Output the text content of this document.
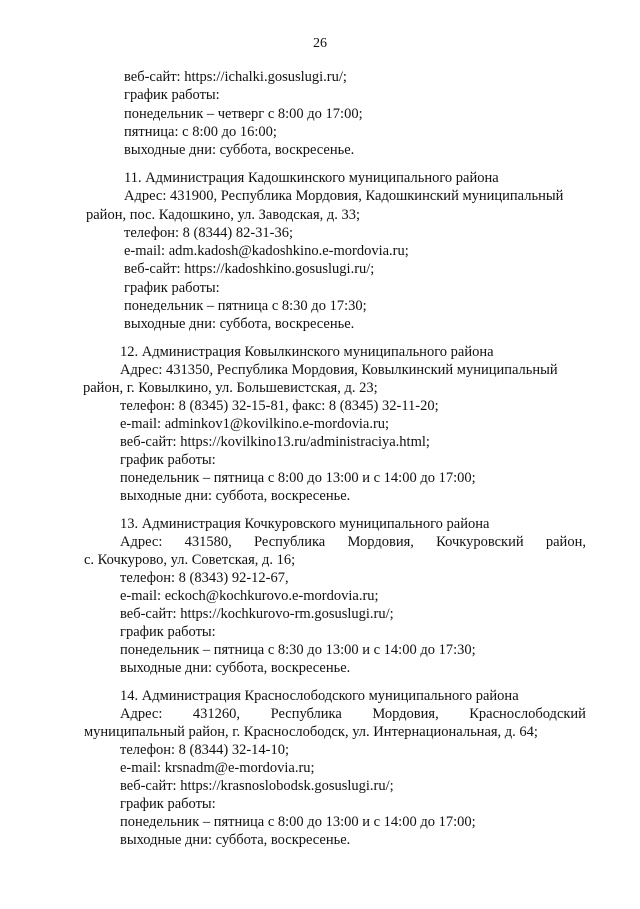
26
веб-сайт: https://ichalki.gosuslugi.ru/;
график работы:
понедельник – четверг с 8:00 до 17:00;
пятница: с 8:00 до 16:00;
выходные дни: суббота, воскресенье.
11. Администрация Кадошкинского муниципального района
Адрес: 431900, Республика Мордовия, Кадошкинский муниципальный
район, пос. Кадошкино, ул. Заводская, д. 33;
телефон: 8 (8344) 82-31-36;
e-mail: adm.kadosh@kadoshkino.e-mordovia.ru;
веб-сайт: https://kadoshkino.gosuslugi.ru/;
график работы:
понедельник – пятница с 8:30 до 17:30;
выходные дни: суббота, воскресенье.
12. Администрация Ковылкинского муниципального района
Адрес: 431350, Республика Мордовия, Ковылкинский муниципальный
район, г. Ковылкино, ул. Большевистская, д. 23;
телефон: 8 (8345) 32-15-81, факс: 8 (8345) 32-11-20;
e-mail: adminkov1@kovilkino.e-mordovia.ru;
веб-сайт: https://kovilkino13.ru/administraciya.html;
график работы:
понедельник – пятница с 8:00 до 13:00 и с 14:00 до 17:00;
выходные дни: суббота, воскресенье.
13. Администрация Кочкуровского муниципального района
Адрес: 431580, Республика Мордовия, Кочкуровский район,
с. Кочкурово, ул. Советская, д. 16;
телефон: 8 (8343) 92-12-67,
e-mail: eckoch@kochkurovo.e-mordovia.ru;
веб-сайт: https://kochkurovo-rm.gosuslugi.ru/;
график работы:
понедельник – пятница с 8:30 до 13:00 и с 14:00 до 17:30;
выходные дни: суббота, воскресенье.
14. Администрация Краснослободского муниципального района
Адрес: 431260, Республика Мордовия, Краснослободский
муниципальный район, г. Краснослободск, ул. Интернациональная, д. 64;
телефон: 8 (8344) 32-14-10;
e-mail: krsnadm@e-mordovia.ru;
веб-сайт: https://krasnoslobodsk.gosuslugi.ru/;
график работы:
понедельник – пятница с 8:00 до 13:00 и с 14:00 до 17:00;
выходные дни: суббота, воскресенье.
